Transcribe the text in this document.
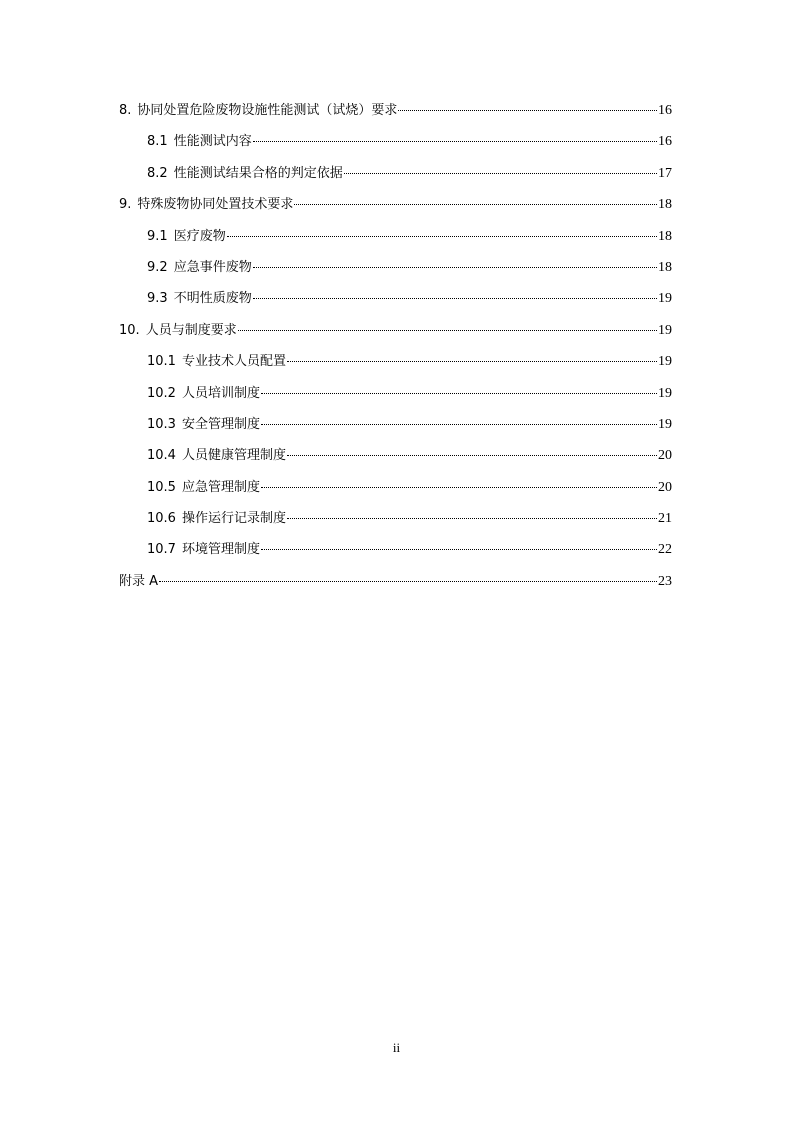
8. 协同处置危险废物设施性能测试（试烧）要求	16
8.1 性能测试内容	16
8.2 性能测试结果合格的判定依据	17
9. 特殊废物协同处置技术要求	18
9.1 医疗废物	18
9.2 应急事件废物	18
9.3 不明性质废物	19
10. 人员与制度要求	19
10.1 专业技术人员配置	19
10.2 人员培训制度	19
10.3 安全管理制度	19
10.4 人员健康管理制度	20
10.5 应急管理制度	20
10.6 操作运行记录制度	21
10.7 环境管理制度	22
附录 A	23
ii
